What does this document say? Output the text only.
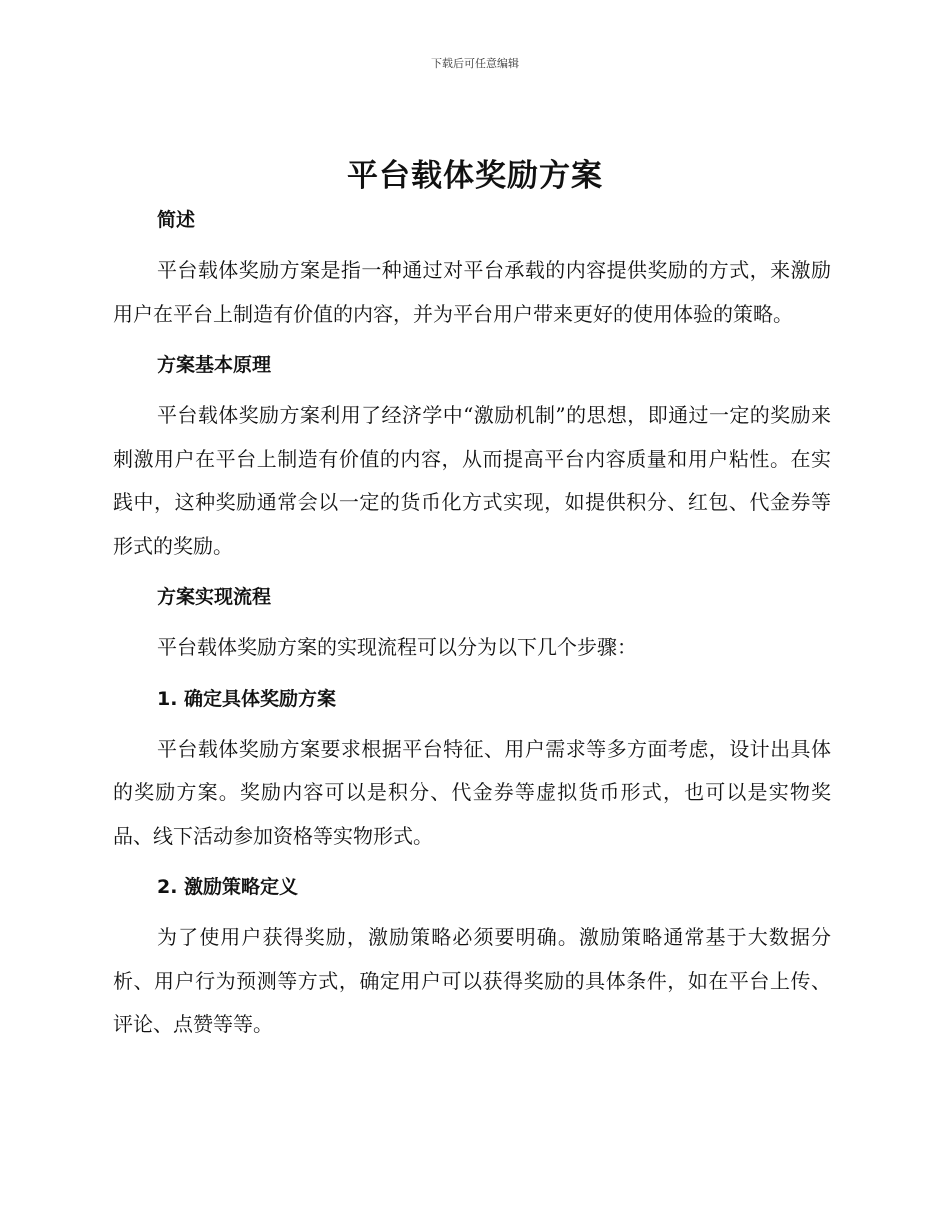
下载后可任意编辑
平台载体奖励方案
简述

平台载体奖励方案是指一种通过对平台承载的内容提供奖励的方式，来激励用户在平台上制造有价值的内容，并为平台用户带来更好的使用体验的策略。

方案基本原理

平台载体奖励方案利用了经济学中“激励机制”的思想，即通过一定的奖励来刺激用户在平台上制造有价值的内容，从而提高平台内容质量和用户粘性。在实践中，这种奖励通常会以一定的货币化方式实现，如提供积分、红包、代金券等形式的奖励。

方案实现流程

平台载体奖励方案的实现流程可以分为以下几个步骤：

1. 确定具体奖励方案

平台载体奖励方案要求根据平台特征、用户需求等多方面考虑，设计出具体的奖励方案。奖励内容可以是积分、代金券等虚拟货币形式，也可以是实物奖品、线下活动参加资格等实物形式。

2. 激励策略定义

为了使用户获得奖励，激励策略必须要明确。激励策略通常基于大数据分析、用户行为预测等方式，确定用户可以获得奖励的具体条件，如在平台上传、评论、点赞等等。
